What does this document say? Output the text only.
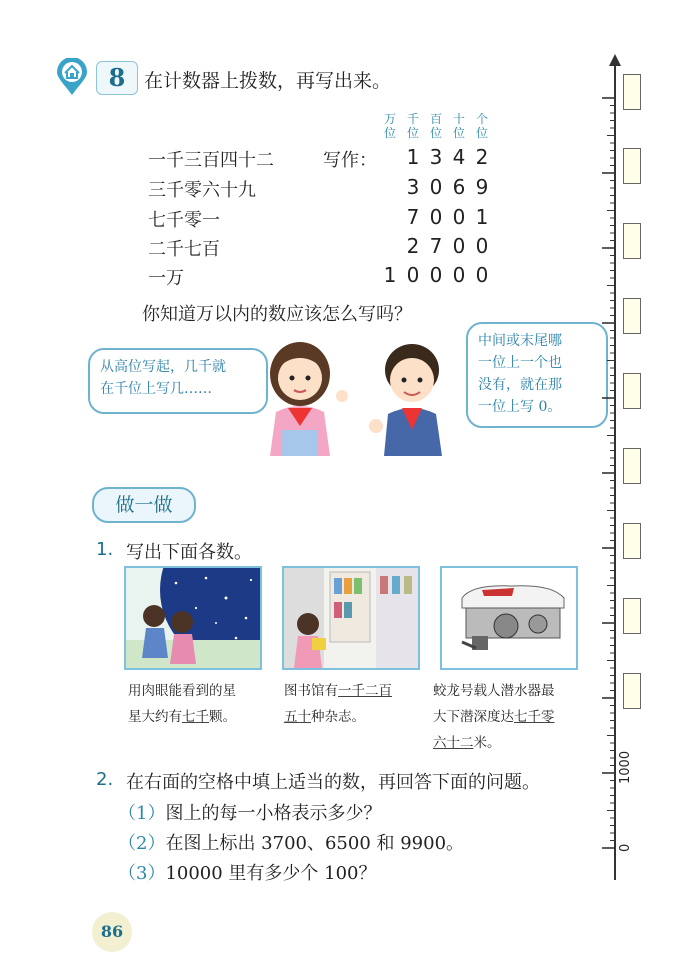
8 在计数器上拨数，再写出来。
万位
千位
百位
十位
个位
写作：
一千三百四十二
三千零六十九
七千零一
二千七百
一万
1 3 4 2
3 0 6 9
7 0 0 1
2 7 0 0
1 0 0 0 0
你知道万以内的数应该怎么写吗？
从高位写起，几千就
在千位上写几……
中间或末尾哪
一位上一个也
没有，就在那
一位上写 0。
做一做
1. 写出下面各数。
用肉眼能看到的星
星大约有七千颗。
图书馆有一千二百
五十种杂志。
蛟龙号载人潜水器最
大下潜深度达七千零
六十二米。
2. 在右面的空格中填上适当的数，再回答下面的问题。
（1）图上的每一小格表示多少？
（2）在图上标出 3700、6500 和 9900。
（3）10000 里有多少个 100？
86
0
1000
